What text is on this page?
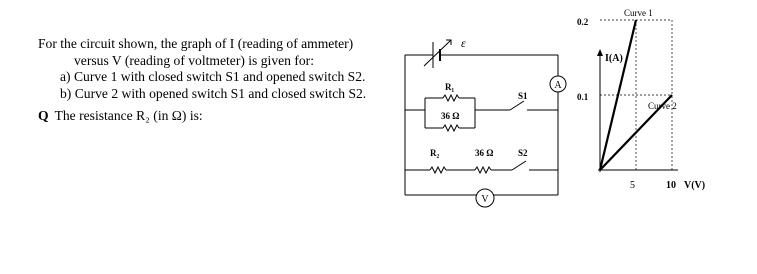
For the circuit shown, the graph of I (reading of ammeter)

versus V (reading of voltmeter) is given for:

a) Curve 1 with closed switch S1 and opened switch S2.

b) Curve 2 with opened switch S1 and closed switch S2.

Q The resistance R₂ (in Ω) is:

ε
R₁
36 Ω
S1
R₂	36 Ω	S2
A
V
I(A)
5	10 V(V)
0.1
0.2
Curve 1
Curve 2
